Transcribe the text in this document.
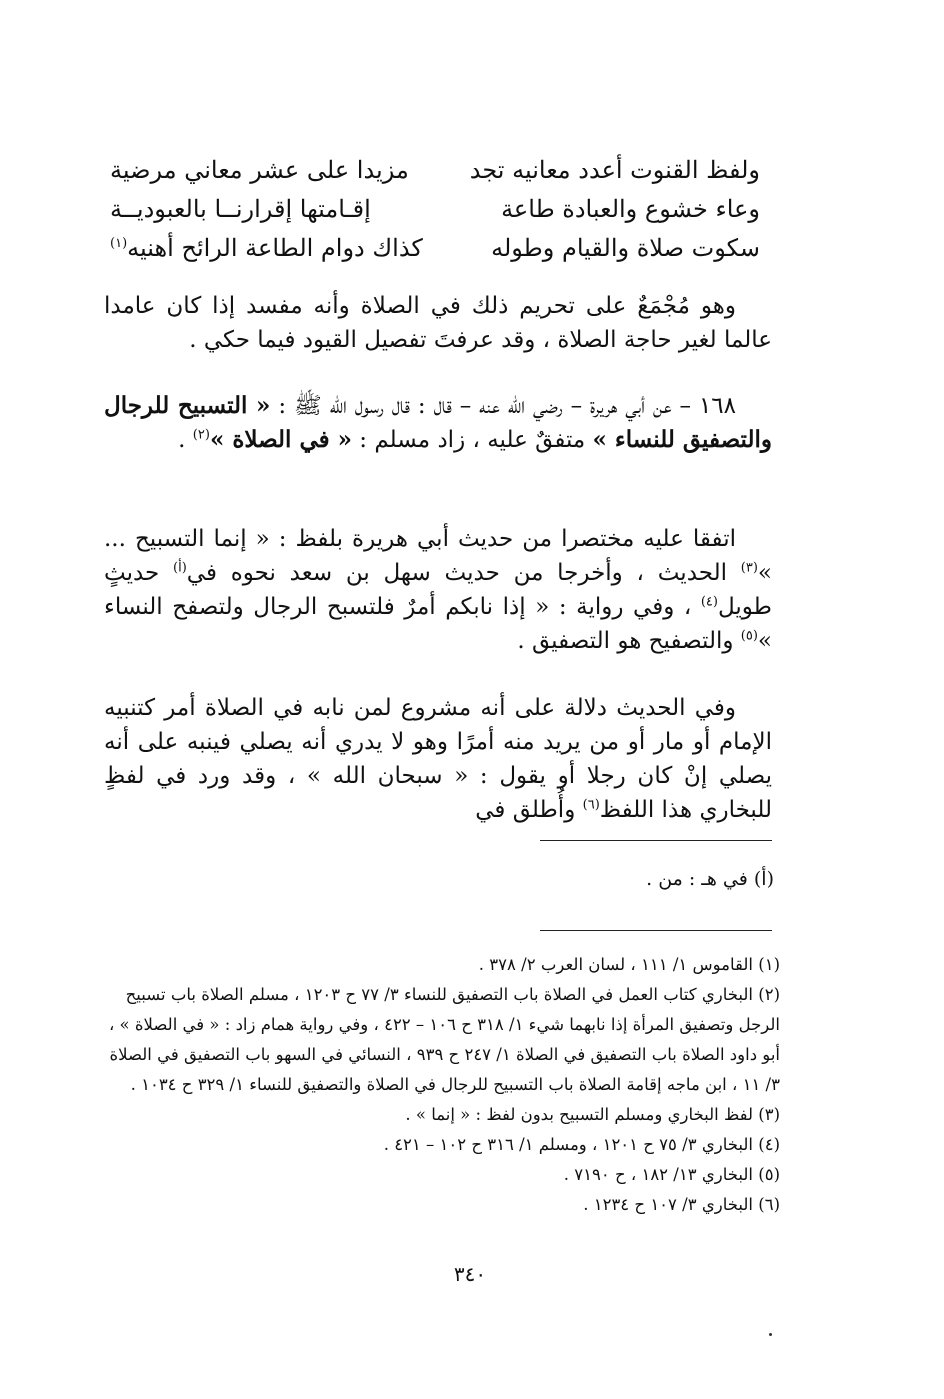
ولفظ القنوت أعدد معانيه تجد
مزيدا على عشر معاني مرضية
وعاء خشوع والعبادة طاعة
إقـامتها إقرارنــا بالعبوديــة
سكوت صلاة والقيام وطوله
كذاك دوام الطاعة الرائح أهنيه$^{(١)}$
وهو مُجْمَعٌ على تحريم ذلك في الصلاة وأنه مفسد إذا كان عامدا عالما لغير حاجة الصلاة ، وقد عرفتَ تفصيل القيود فيما حكي .
١٦٨ – عن أبي هريرة – رضي الله عنه – قال : قال رسول الله ﷺ : « التسبيح للرجال والتصفيق للنساء » متفقٌ عليه ، زاد مسلم : « في الصلاة »$^{(٢)}$ .
اتفقا عليه مختصرا من حديث أبي هريرة بلفظ : « إنما التسبيح ... »$^{(٣)}$ الحديث ، وأخرجا من حديث سهل بن سعد نحوه في$^{(أ)}$ حديثٍ طويل$^{(٤)}$ ، وفي رواية : « إذا نابكم أمرٌ فلتسبح الرجال ولتصفح النساء »$^{(٥)}$ والتصفيح هو التصفيق .
وفي الحديث دلالة على أنه مشروع لمن نابه في الصلاة أمر كتنبيه الإمام أو مار أو من يريد منه أمرًا وهو لا يدري أنه يصلي فينبه على أنه يصلي إنْ كان رجلا أو يقول : « سبحان الله » ، وقد ورد في لفظٍ للبخاري هذا اللفظ$^{(٦)}$ وأُطلق في
(أ) في هـ : من .
(١) القاموس ١/ ١١١ ، لسان العرب ٢/ ٣٧٨ .
(٢) البخاري كتاب العمل في الصلاة باب التصفيق للنساء ٣/ ٧٧ ح ١٢٠٣ ، مسلم الصلاة باب تسبيح
الرجل وتصفيق المرأة إذا نابهما شيء ١/ ٣١٨ ح ١٠٦ – ٤٢٢ ، وفي رواية همام زاد : « في الصلاة » ،
أبو داود الصلاة باب التصفيق في الصلاة ١/ ٢٤٧ ح ٩٣٩ ، النسائي في السهو باب التصفيق في الصلاة
٣/ ١١ ، ابن ماجه إقامة الصلاة باب التسبيح للرجال في الصلاة والتصفيق للنساء ١/ ٣٢٩ ح ١٠٣٤ .
(٣) لفظ البخاري ومسلم التسبيح بدون لفظ : « إنما » .
(٤) البخاري ٣/ ٧٥ ح ١٢٠١ ، ومسلم ١/ ٣١٦ ح ١٠٢ – ٤٢١ .
(٥) البخاري ١٣/ ١٨٢ ، ح ٧١٩٠ .
(٦) البخاري ٣/ ١٠٧ ح ١٢٣٤ .
٣٤٠
